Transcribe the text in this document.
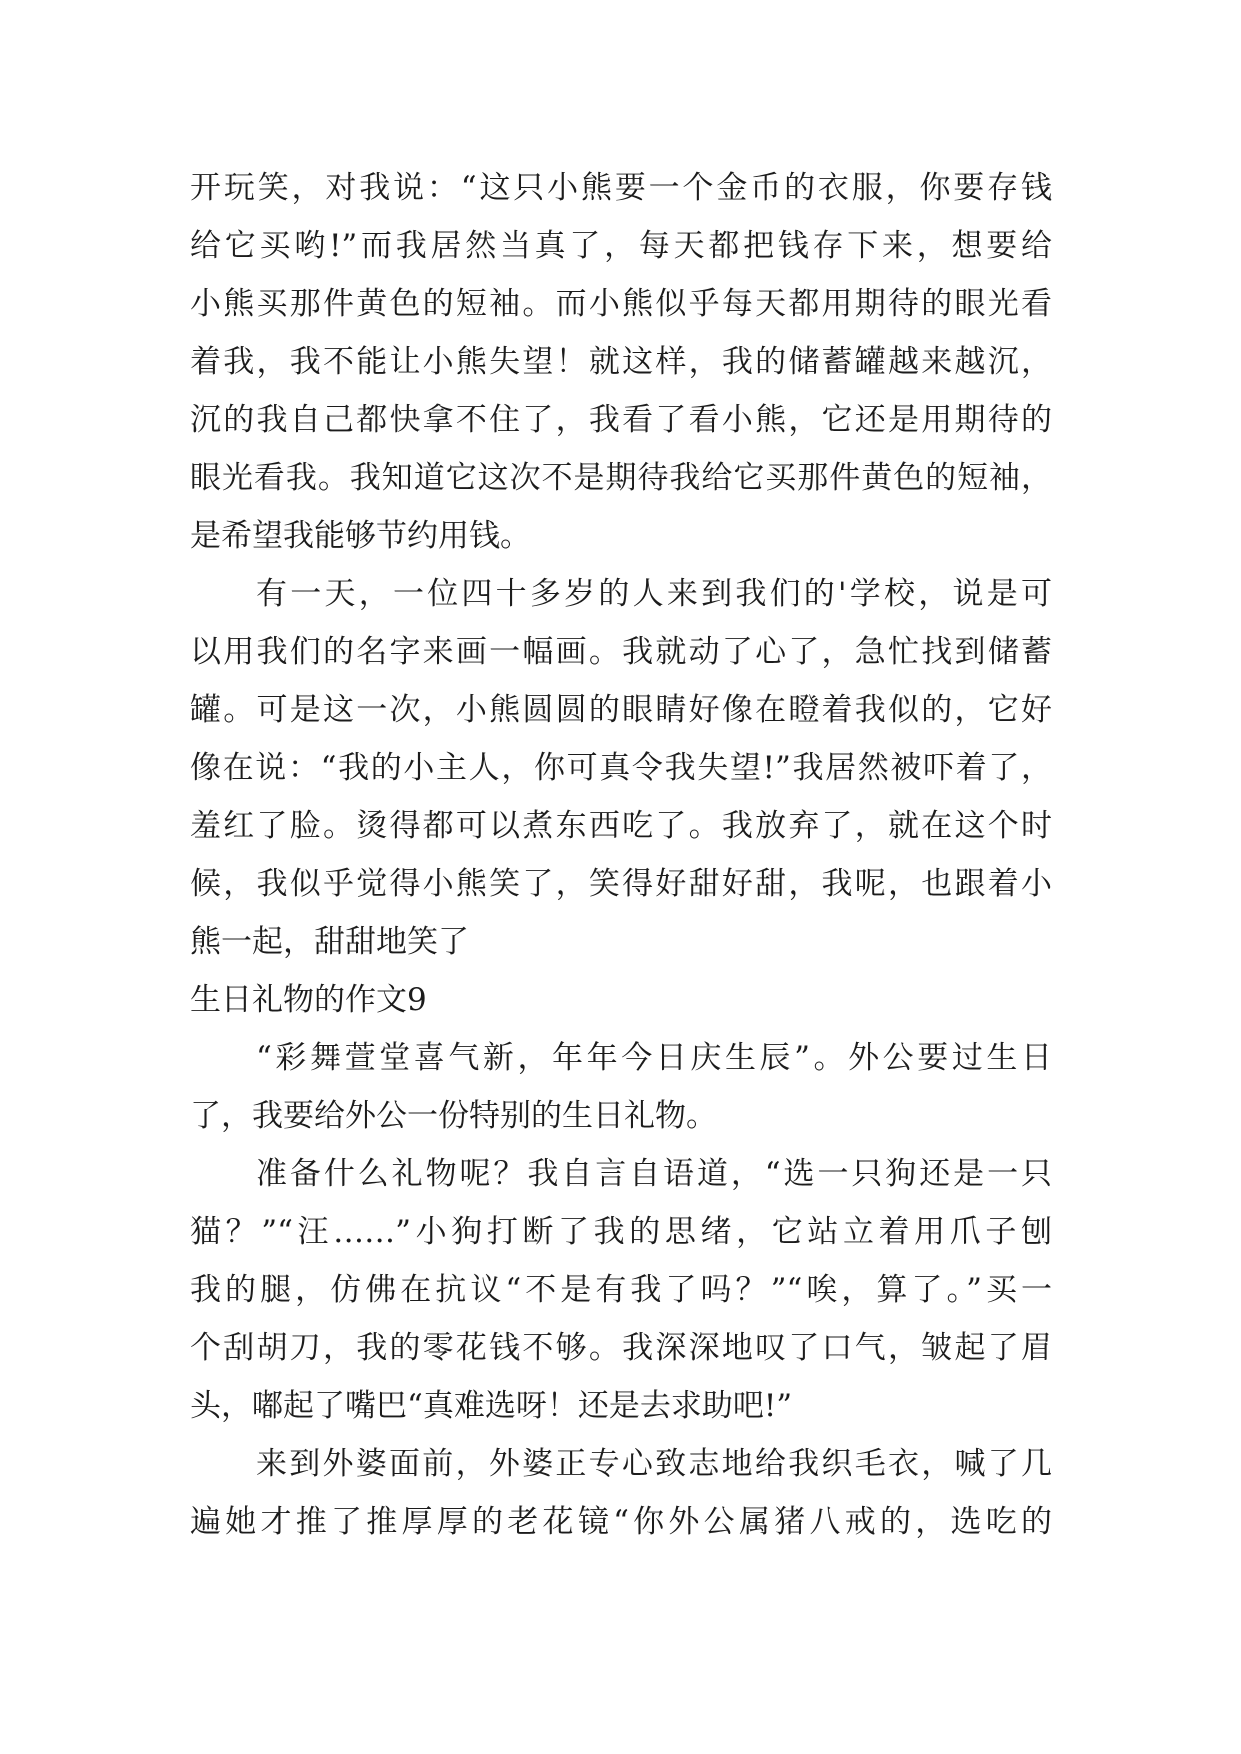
开玩笑，对我说：“这只小熊要一个金币的衣服，你要存钱
给它买哟!”而我居然当真了，每天都把钱存下来，想要给
小熊买那件黄色的短袖。而小熊似乎每天都用期待的眼光看
着我，我不能让小熊失望！就这样，我的储蓄罐越来越沉，
沉的我自己都快拿不住了，我看了看小熊，它还是用期待的
眼光看我。我知道它这次不是期待我给它买那件黄色的短袖，
是希望我能够节约用钱。
有一天，一位四十多岁的人来到我们的'学校，说是可
以用我们的名字来画一幅画。我就动了心了，急忙找到储蓄
罐。可是这一次，小熊圆圆的眼睛好像在瞪着我似的，它好
像在说：“我的小主人，你可真令我失望!”我居然被吓着了，
羞红了脸。烫得都可以煮东西吃了。我放弃了，就在这个时
候，我似乎觉得小熊笑了，笑得好甜好甜，我呢，也跟着小
熊一起，甜甜地笑了
生日礼物的作文9
“彩舞萱堂喜气新，年年今日庆生辰”。外公要过生日
了，我要给外公一份特别的生日礼物。
准备什么礼物呢？我自言自语道，“选一只狗还是一只
猫？”“汪……”小狗打断了我的思绪，它站立着用爪子刨
我的腿，仿佛在抗议“不是有我了吗？”“唉，算了。”买一
个刮胡刀，我的零花钱不够。我深深地叹了口气，皱起了眉
头，嘟起了嘴巴“真难选呀！还是去求助吧!”
来到外婆面前，外婆正专心致志地给我织毛衣，喊了几
遍她才推了推厚厚的老花镜“你外公属猪八戒的，选吃的
